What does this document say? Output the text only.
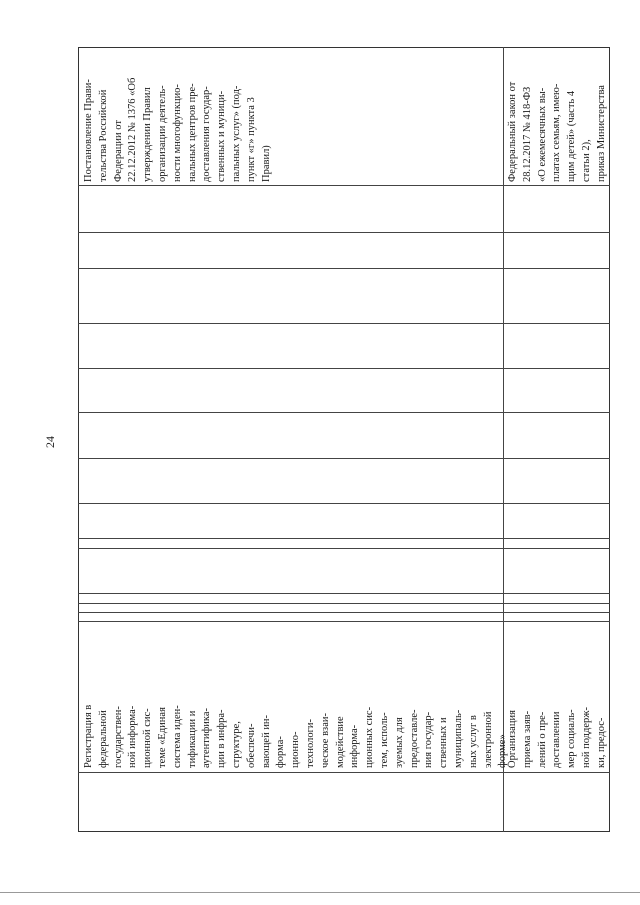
24
Регистрация в федеральной государствен- ной информа- ционной сис- теме «Единая система иден- тификации и аутентифика- ции в инфра- структуре, обеспечи- вающей ин- форма- ционно- технологи- ческое взаи- модействие информа- ционных сис- тем, исполь- зуемых для предоставле- ния государ- ственных и муниципаль- ных услуг в электронной форме»
Постановление Прави- тельства Российской Федерации от 22.12.2012 № 1376 «Об утверждении Правил организации деятель- ности многофункцио- нальных центров пре- доставления государ- ственных и муници- пальных услуг» (под- пункт «г» пункта 3 Правил)
Организация приема заяв- лений о пре- доставлении мер социаль- ной поддерж- ки, предос-
Федеральный закон от 28.12.2017 № 418-ФЗ «О ежемесячных вы- платах семьям, имею- щим детей» (часть 4 статьи 2), приказ Министерства
